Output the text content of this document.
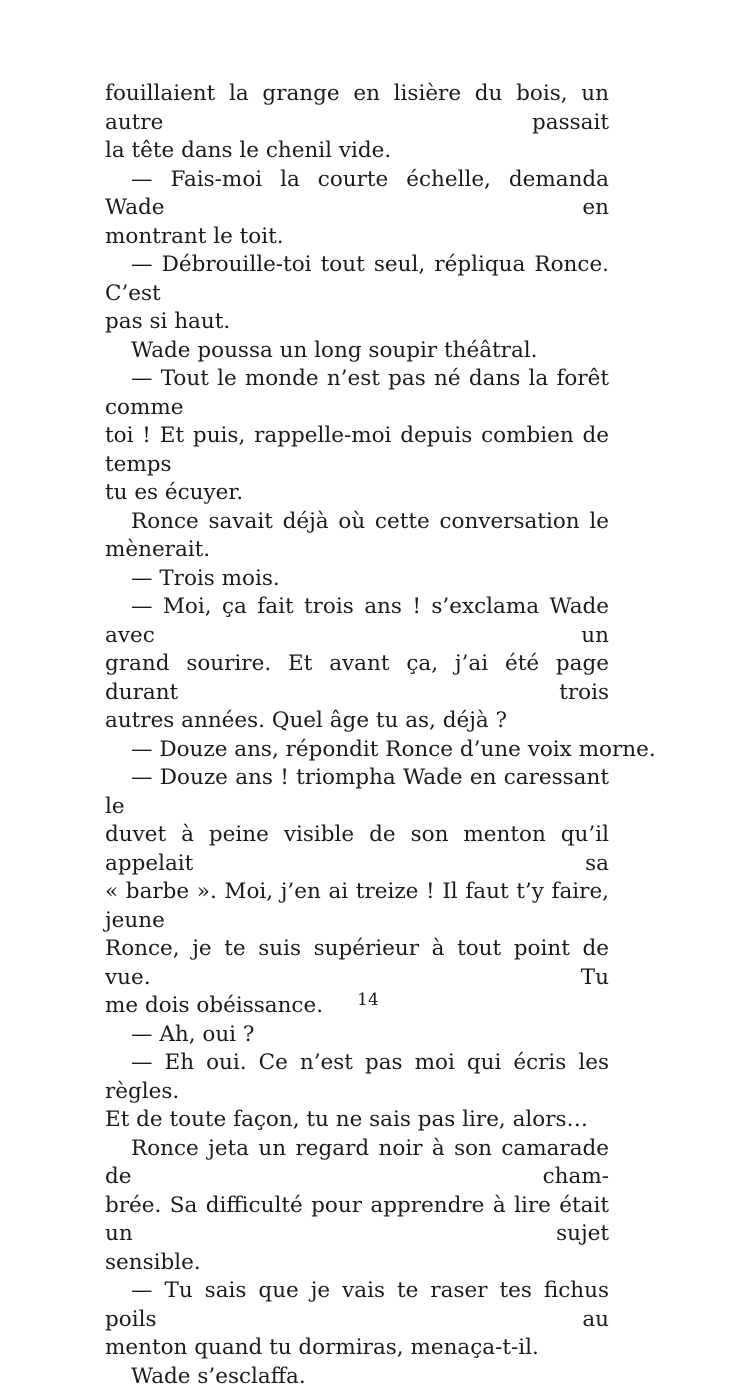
fouillaient la grange en lisière du bois, un autre passait
la tête dans le chenil vide.
— Fais-moi la courte échelle, demanda Wade en
montrant le toit.
— Débrouille-toi tout seul, répliqua Ronce. C’est
pas si haut.
Wade poussa un long soupir théâtral.
— Tout le monde n’est pas né dans la forêt comme
toi ! Et puis, rappelle-moi depuis combien de temps
tu es écuyer.
Ronce savait déjà où cette conversation le
mènerait.
— Trois mois.
— Moi, ça fait trois ans ! s’exclama Wade avec un
grand sourire. Et avant ça, j’ai été page durant trois
autres années. Quel âge tu as, déjà ?
— Douze ans, répondit Ronce d’une voix morne.
— Douze ans ! triompha Wade en caressant le
duvet à peine visible de son menton qu’il appelait sa
« barbe ». Moi, j’en ai treize ! Il faut t’y faire, jeune
Ronce, je te suis supérieur à tout point de vue. Tu
me dois obéissance.
— Ah, oui ?
— Eh oui. Ce n’est pas moi qui écris les règles.
Et de toute façon, tu ne sais pas lire, alors…
Ronce jeta un regard noir à son camarade de cham-
brée. Sa difficulté pour apprendre à lire était un sujet
sensible.
— Tu sais que je vais te raser tes fichus poils au
menton quand tu dormiras, menaça-t-il.
Wade s’esclaffa.
14
